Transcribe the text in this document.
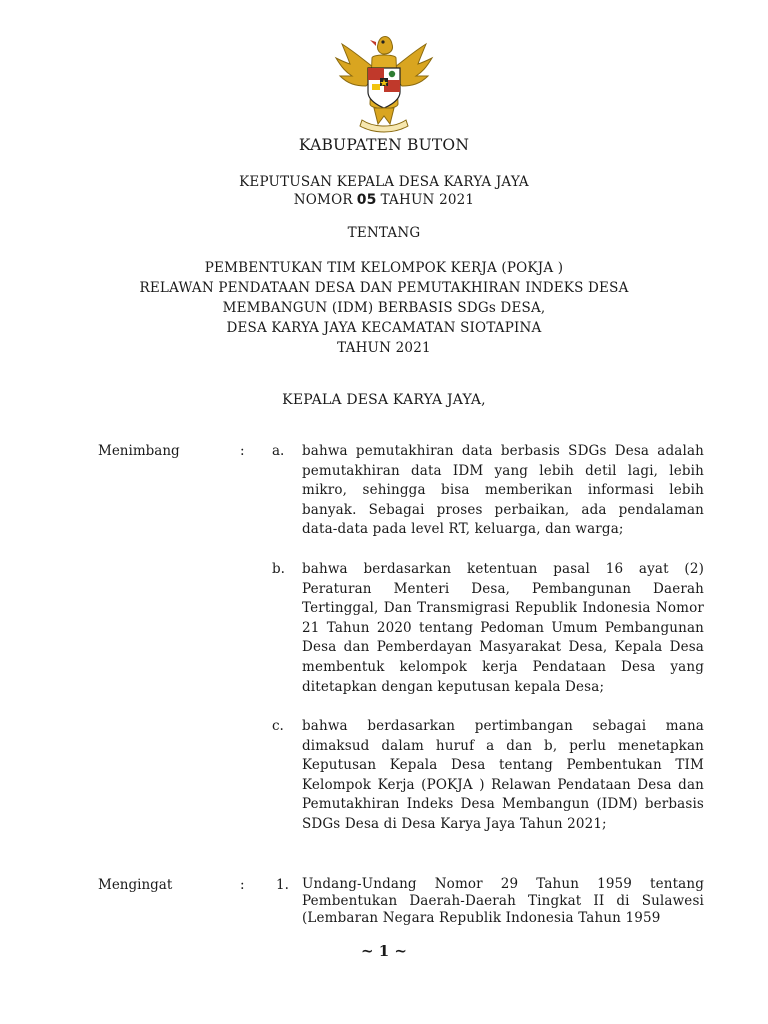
KABUPATEN BUTON
KEPUTUSAN KEPALA DESA KARYA JAYA
NOMOR 05 TAHUN 2021
TENTANG
PEMBENTUKAN TIM KELOMPOK KERJA (POKJA )
RELAWAN PENDATAAN DESA DAN PEMUTAKHIRAN INDEKS DESA
MEMBANGUN (IDM) BERBASIS SDGs DESA,
DESA KARYA JAYA KECAMATAN SIOTAPINA
TAHUN 2021
KEPALA DESA KARYA JAYA,
Menimbang	: a. bahwa pemutakhiran data berbasis SDGs Desa adalah pemutakhiran data IDM yang lebih detil lagi, lebih mikro, sehingga bisa memberikan informasi lebih banyak. Sebagai proses perbaikan, ada pendalaman data-data pada level RT, keluarga, dan warga;
b. bahwa berdasarkan ketentuan pasal 16 ayat (2) Peraturan Menteri Desa, Pembangunan Daerah Tertinggal, Dan Transmigrasi Republik Indonesia Nomor 21 Tahun 2020 tentang Pedoman Umum Pembangunan Desa dan Pemberdayan Masyarakat Desa, Kepala Desa membentuk kelompok kerja Pendataan Desa yang ditetapkan dengan keputusan kepala Desa;
c. bahwa berdasarkan pertimbangan sebagai mana dimaksud dalam huruf a dan b, perlu menetapkan Keputusan Kepala Desa tentang Pembentukan TIM Kelompok Kerja (POKJA ) Relawan Pendataan Desa dan Pemutakhiran Indeks Desa Membangun (IDM) berbasis SDGs Desa di Desa Karya Jaya Tahun 2021;
Mengingat	: 1. Undang-Undang Nomor 29 Tahun 1959 tentang Pembentukan Daerah-Daerah Tingkat II di Sulawesi (Lembaran Negara Republik Indonesia Tahun 1959
~ 1 ~
